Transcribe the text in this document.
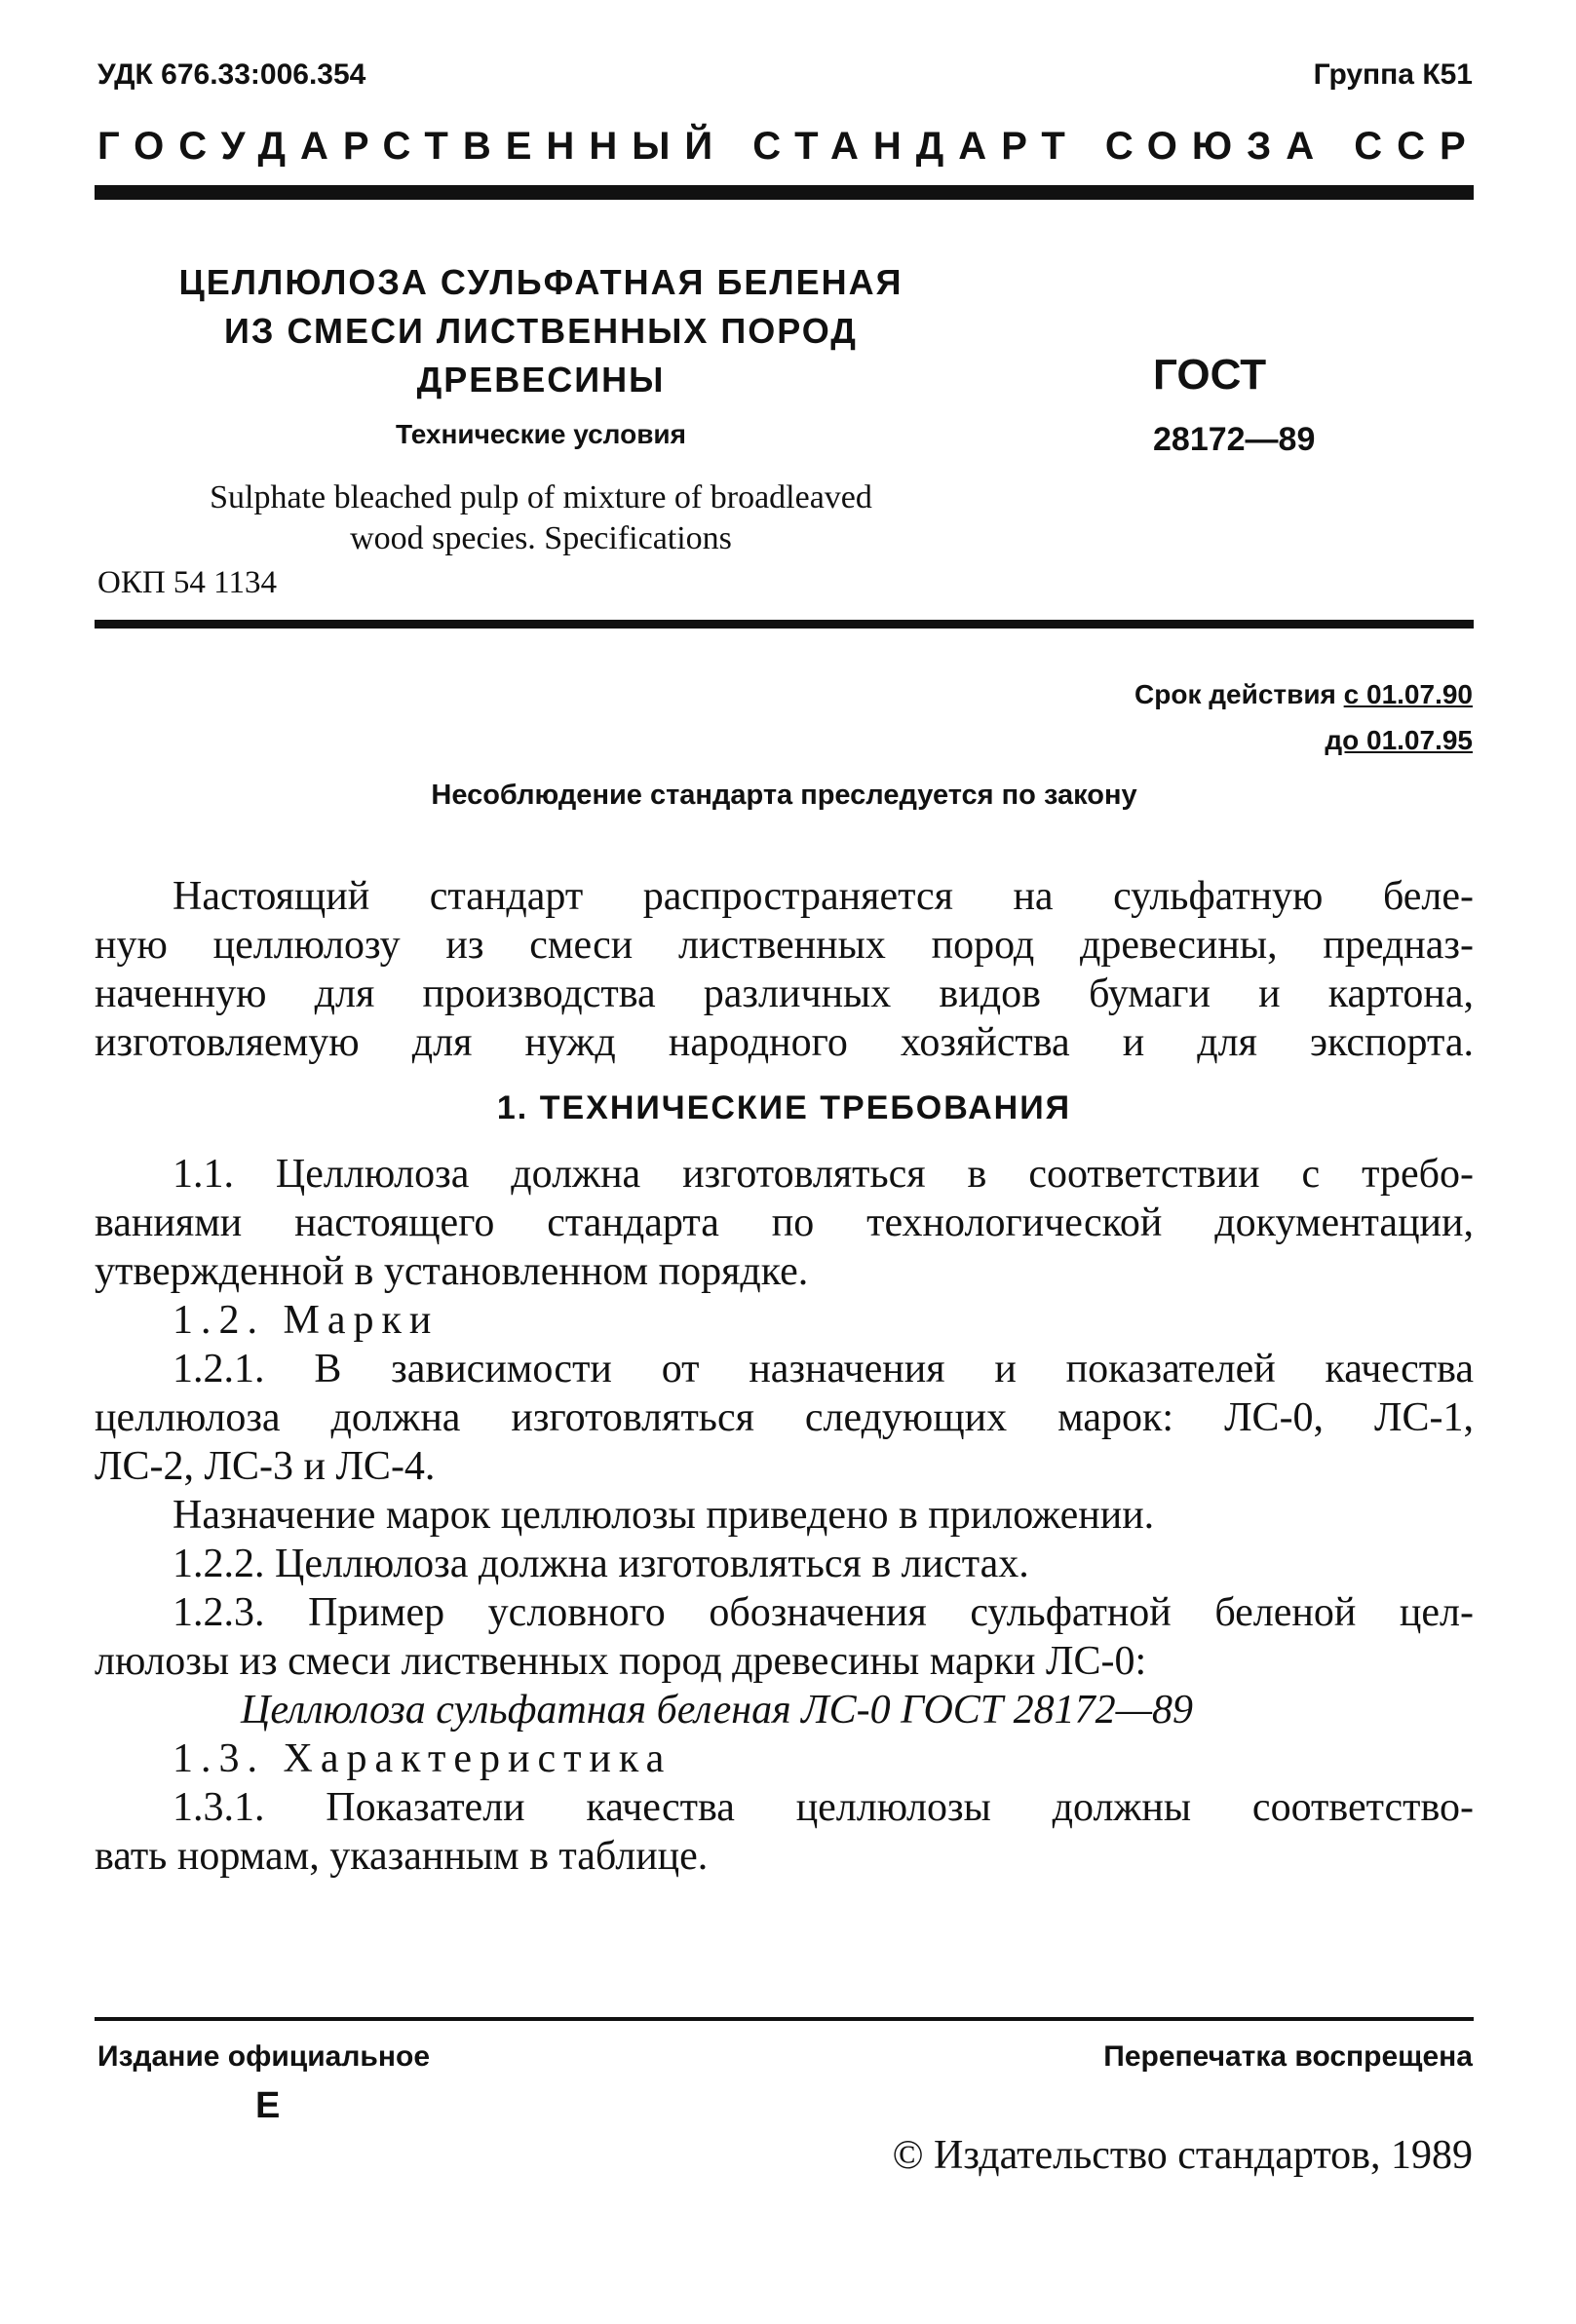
УДК 676.33:006.354	Группа К51
ГОСУДАРСТВЕННЫЙ СТАНДАРТ СОЮЗА ССР
ЦЕЛЛЮЛОЗА СУЛЬФАТНАЯ БЕЛЕНАЯ
ИЗ СМЕСИ ЛИСТВЕННЫХ ПОРОД
ДРЕВЕСИНЫ
Технические условия
Sulphate bleached pulp of mixture of broadleaved
wood species. Specifications
ОКП 54 1134
ГОСТ
28172—89
Срок действия с 01.07.90
до 01.07.95
Несоблюдение стандарта преследуется по закону

Настоящий стандарт распространяется на сульфатную беле-

ную целлюлозу из смеси лиственных пород древесины, предназ-

наченную для производства различных видов бумаги и картона,

изготовляемую для нужд народного хозяйства и для экспорта.

1. ТЕХНИЧЕСКИЕ ТРЕБОВАНИЯ

1.1. Целлюлоза должна изготовляться в соответствии с требо-

ваниями настоящего стандарта по технологической документации,

утвержденной в установленном порядке.

1.2. Марки

1.2.1. В зависимости от назначения и показателей качества

целлюлоза должна изготовляться следующих марок: ЛС-0, ЛС-1,

ЛС-2, ЛС-3 и ЛС-4.

Назначение марок целлюлозы приведено в приложении.

1.2.2. Целлюлоза должна изготовляться в листах.

1.2.3. Пример условного обозначения сульфатной беленой цел-

люлозы из смеси лиственных пород древесины марки ЛС-0:

Целлюлоза сульфатная беленая ЛС-0 ГОСТ 28172—89

1.3. Характеристика

1.3.1. Показатели качества целлюлозы должны соответство-

вать нормам, указанным в таблице.

Издание официальное
Е
Перепечатка воспрещена
© Издательство стандартов, 1989
